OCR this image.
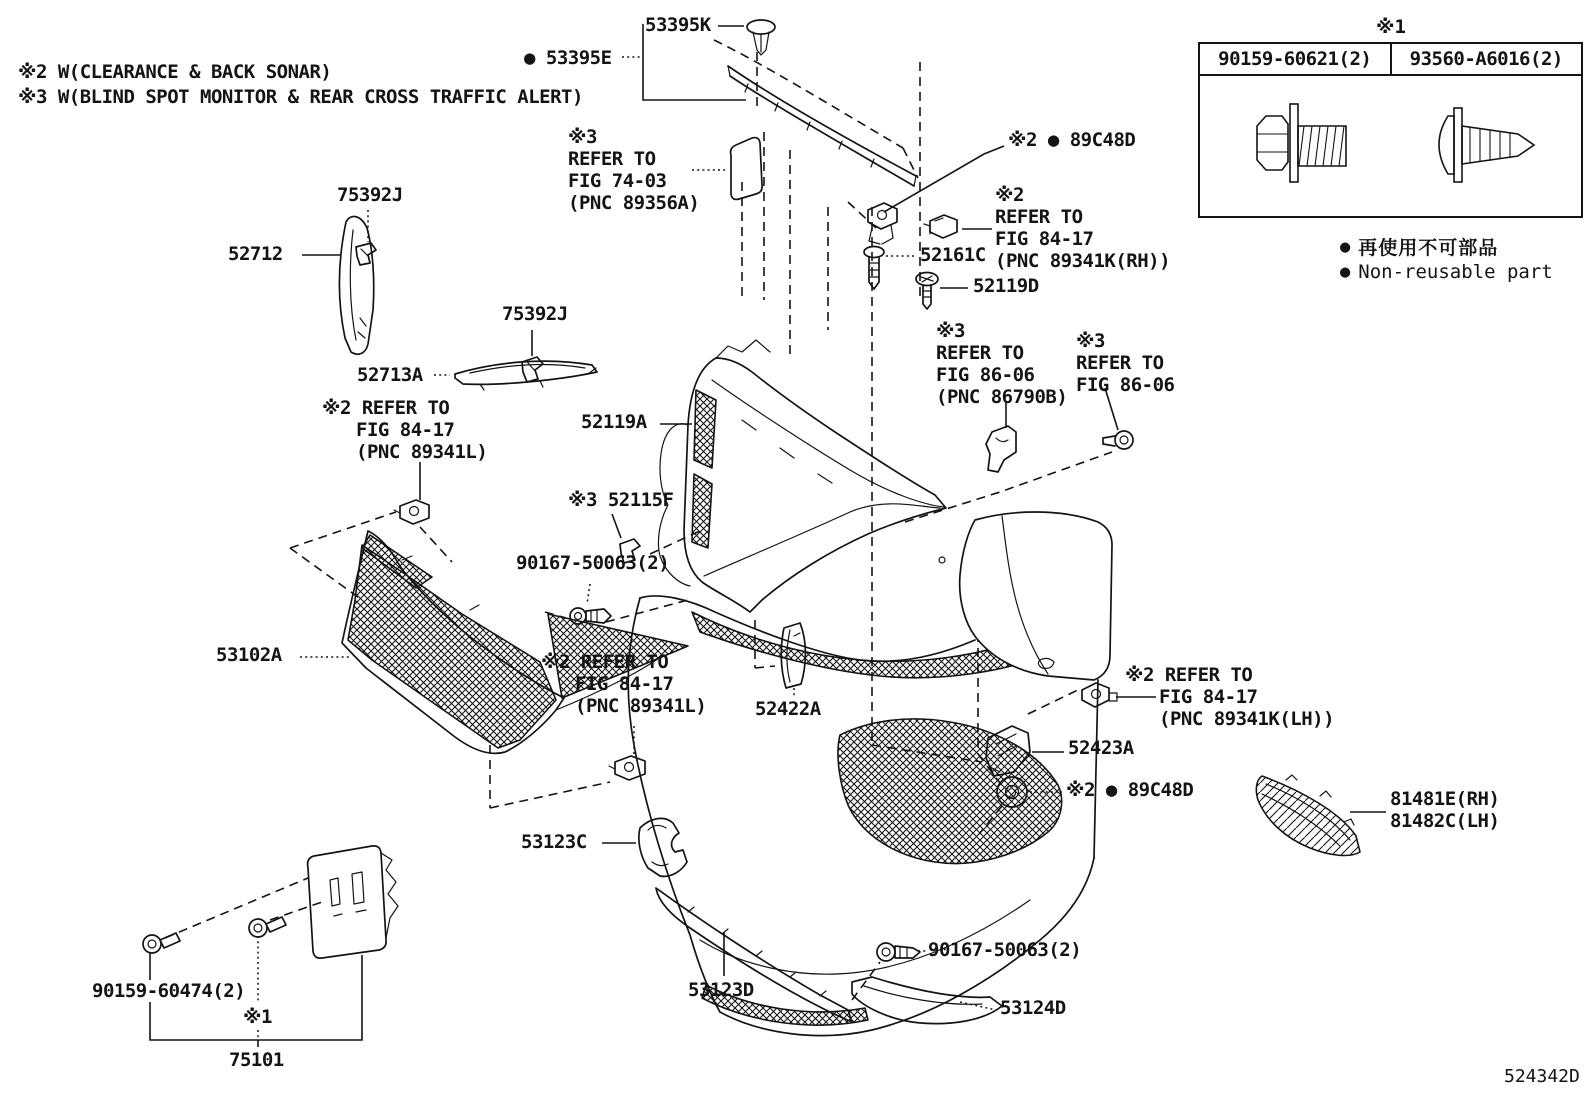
※1
90159-60621(2)	93560-A6016(2)
● 再使用不可部品
● Non-reusable part
※2 W(CLEARANCE & BACK SONAR)
※3 W(BLIND SPOT MONITOR & REAR CROSS TRAFFIC ALERT)
53395K
● 53395E
※3
REFER TO
FIG 74-03
(PNC 89356A)
※2 ● 89C48D
※2
REFER TO
FIG 84-17
(PNC 89341K(RH))
52161C
52119D
75392J
52712
75392J
52713A
※2 REFER TO
FIG 84-17
(PNC 89341L)
52119A
※3
REFER TO
FIG 86-06
(PNC 86790B)
※3
REFER TO
FIG 86-06
※3 52115F
90167-50063(2)
53102A	※2 REFER TO
FIG 84-17
(PNC 89341L)	52422A
※2 REFER TO
FIG 84-17
(PNC 89341K(LH))
52423A
※2 ● 89C48D	81481E(RH)
81482C(LH)
53123C
53123D
90167-50063(2)
53124D
90159-60474(2)
※1
75101
524342D
